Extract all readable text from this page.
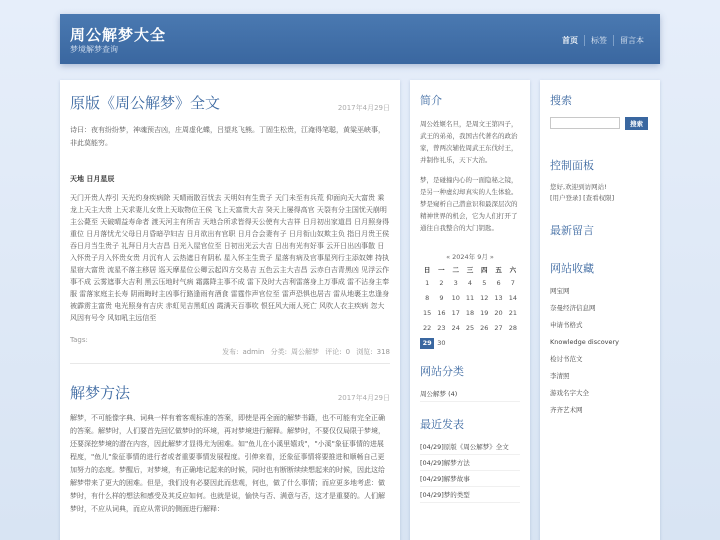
周公解梦大全
梦境解梦查询
首页	标签	留言本
原版《周公解梦》全文	2017年4月29日
诗曰：夜有纷纷梦，神魂预吉凶，庄周虚化蝶，吕望兆飞熊。丁固生松贵，江淹得笔聪，黄粱巫峡事，非此莫能穷。
天地 日月星辰
天门开贵人荐引 天光灼身疾病除 天晴雨散百忧去 天明妇有生贵子 天门未至有兵荒 仰面向天大富贵 乘龙上天主大贵 上天求妻儿女贵上天取物位王侯 飞上天富贵大吉 癸天上屡得高官 天裂有分主国忧天崩明主公薨至 天破晴益寿命者 渡天河主有所吉 天地合所求皆得天公使有大吉祥 日月初出家道昌 日月照身得重位 日月落忧尤父母日月昏暗孕妇吉 日月欲出有官职 日月合会妻有子 日月衔山奴欺主负 指日月贵王侯 吞日月当生贵子 礼拜日月大吉昌 日光入屋官位至 日初出光云大吉 日出有光有好事 云开日出凶事散 日入怀贵子月入怀贵女贵 月沉有人 云热遮日有阴私 星入怀主生贵子 星落有病及官事星列行主添奴婢 持执星宿大富贵 流星不落主移居 巡天摩星位公卿云起四方交易吉 五色云主大吉昌 云赤白吉青黑凶 见浮云作事不成 云雾遮事大吉利 黑云压地时气病 霜露降主事不成 雷下及时大吉利雷落身上万事成 雷不沾身主奉服 雷落家庭主长寿 阴雨晦时主凶事行路逢雨有酒食 雷霆作声官位至 雷声恐惧也居吉 雷从地裹主忠逢身被霹雳主富贵 电光照身有吉庆 赤虹见吉黑虹凶 霞满天百事吹 恨狂风大雨人死亡 风吹人衣主疾病 忽大风因有号令 风如吼主远信至
Tags:
发布: admin 分类: 周公解梦 评论: 0 浏览: 318
解梦方法	2017年4月29日
解梦，不可能像字典、词典一样有着客观标准的答案，即使是再全面的解梦书籍，也不可能有完全正确的答案。解梦时，人们要首先回忆做梦时的环境，再对梦境进行解释。解梦时，不要仅仅局限于梦境，还要深挖梦境的潜在内容，因此解梦才显得尤为困难。如"鱼儿在小溪里嬉戏"，"小溪"象征事情的进展程度，"鱼儿"象征事情的进行者或者重要事情发展程度。引伸来看，还象征事情将要推进和顺畅自己更加努力的态度。梦醒后，对梦境，有正确地记起来的时候，同时也有断断续续想起来的时候，因此这给解梦带来了更大的困难。但是，我们没有必要因此而悲观，何也，做了什么事情；而应更多地考虑：做梦时，有什么样的想法和感受及其反应如何。也就是说，愉快与否、满意与否，这才是重要的。人们解梦时，不应从词典，而应从常识的侧面进行解释：
简介
周公姓姬名旦，是周文王第四子，武王的弟弟，我国古代著名的政治家，曾两次辅佐周武王东伐纣王，并制作礼乐，天下大治。
梦，是碰撞内心的一面隐秘之镜，是另一种虚幻却真实的人生体验。梦是窥析自己潜意识和最深层次的精神世界的机会，它为人们打开了通往自我整合的大门钥匙。
« 2024年 9月 »
日	一	二	三	四	五	六
1	2	3	4	5	6	7
8	9	10 11 12 13 14
15 16 17 18 19 20 21
22 23 24 25 26 27 28
29 30
网站分类
周公解梦 (4)
最近发表
[04/29]原版《周公解梦》全文
[04/29]解梦方法
[04/29]解梦故事
[04/29]梦的类型
搜索
搜索
控制面板
您好,欢迎到访网站!
[用户登录] [查看权限]
最新留言
网站收藏
网宝网
奈曼经济信息网
申请书格式
Knowledge discovery
检讨书范文
李清照
游戏名字大全
齐齐艺术网
